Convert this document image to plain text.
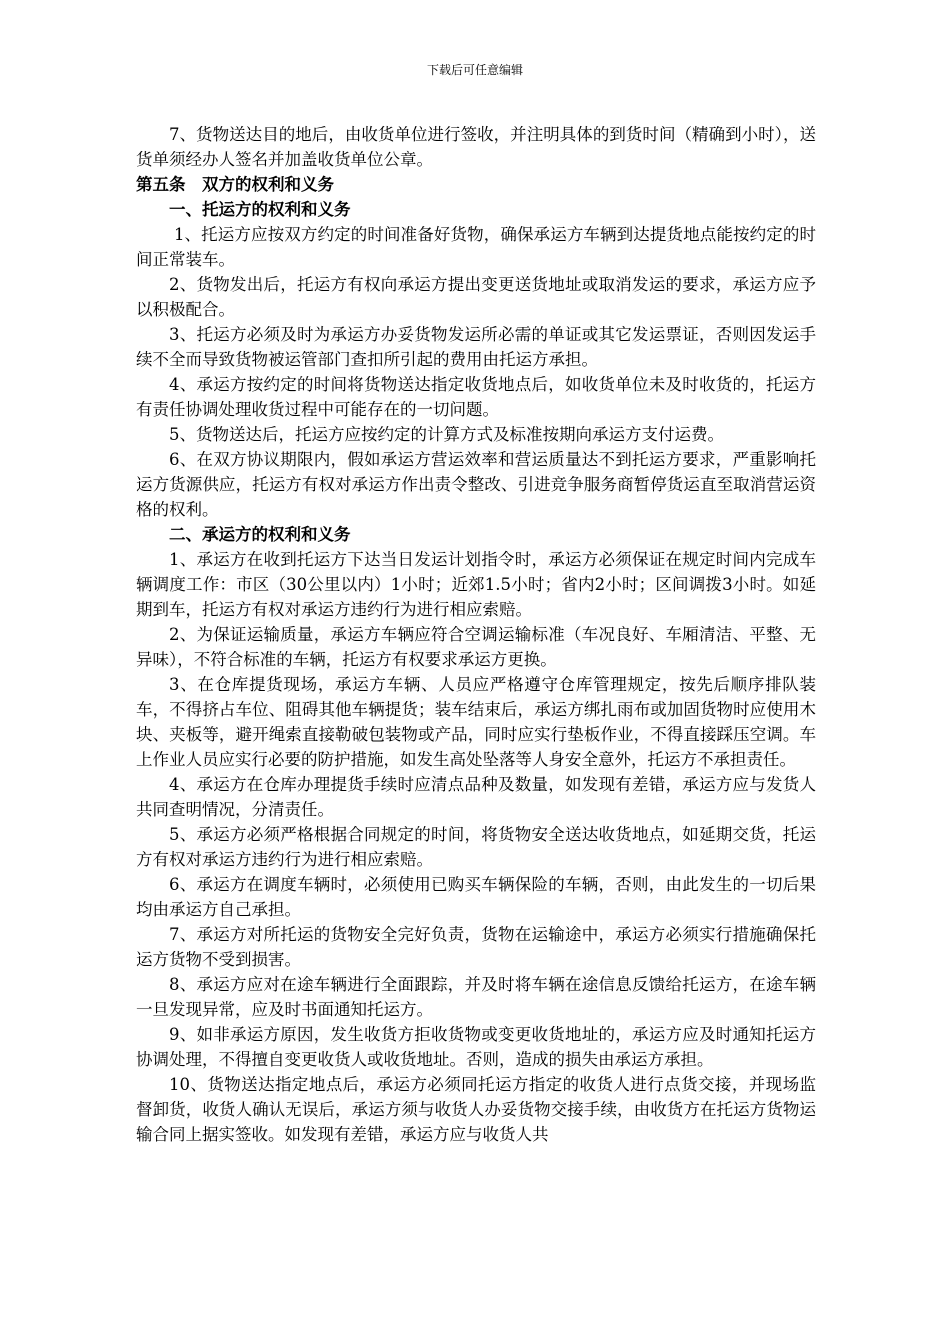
下载后可任意编辑

7、货物送达目的地后，由收货单位进行签收，并注明具体的到货时间（精确到小时），送货单须经办人签名并加盖收货单位公章。

第五条　双方的权利和义务

一、托运方的权利和义务

1、托运方应按双方约定的时间准备好货物，确保承运方车辆到达提货地点能按约定的时间正常装车。

2、货物发出后，托运方有权向承运方提出变更送货地址或取消发运的要求，承运方应予以积极配合。

3、托运方必须及时为承运方办妥货物发运所必需的单证或其它发运票证，否则因发运手续不全而导致货物被运管部门查扣所引起的费用由托运方承担。

4、承运方按约定的时间将货物送达指定收货地点后，如收货单位未及时收货的，托运方有责任协调处理收货过程中可能存在的一切问题。

5、货物送达后，托运方应按约定的计算方式及标准按期向承运方支付运费。

6、在双方协议期限内，假如承运方营运效率和营运质量达不到托运方要求，严重影响托运方货源供应，托运方有权对承运方作出责令整改、引进竞争服务商暂停货运直至取消营运资格的权利。

二、承运方的权利和义务

1、承运方在收到托运方下达当日发运计划指令时，承运方必须保证在规定时间内完成车辆调度工作：市区（30公里以内）1小时；近郊1.5小时；省内2小时；区间调拨3小时。如延期到车，托运方有权对承运方违约行为进行相应索赔。

2、为保证运输质量，承运方车辆应符合空调运输标准（车况良好、车厢清洁、平整、无异味），不符合标准的车辆，托运方有权要求承运方更换。

3、在仓库提货现场，承运方车辆、人员应严格遵守仓库管理规定，按先后顺序排队装车，不得挤占车位、阻碍其他车辆提货；装车结束后，承运方绑扎雨布或加固货物时应使用木块、夹板等，避开绳索直接勒破包装物或产品，同时应实行垫板作业，不得直接踩压空调。车上作业人员应实行必要的防护措施，如发生高处坠落等人身安全意外，托运方不承担责任。

4、承运方在仓库办理提货手续时应清点品种及数量，如发现有差错，承运方应与发货人共同查明情况，分清责任。

5、承运方必须严格根据合同规定的时间，将货物安全送达收货地点，如延期交货，托运方有权对承运方违约行为进行相应索赔。

6、承运方在调度车辆时，必须使用已购买车辆保险的车辆，否则，由此发生的一切后果均由承运方自己承担。

7、承运方对所托运的货物安全完好负责，货物在运输途中，承运方必须实行措施确保托运方货物不受到损害。

8、承运方应对在途车辆进行全面跟踪，并及时将车辆在途信息反馈给托运方，在途车辆一旦发现异常，应及时书面通知托运方。

9、如非承运方原因，发生收货方拒收货物或变更收货地址的，承运方应及时通知托运方协调处理，不得擅自变更收货人或收货地址。否则，造成的损失由承运方承担。

10、货物送达指定地点后，承运方必须同托运方指定的收货人进行点货交接，并现场监督卸货，收货人确认无误后，承运方须与收货人办妥货物交接手续，由收货方在托运方货物运输合同上据实签收。如发现有差错，承运方应与收货人共
